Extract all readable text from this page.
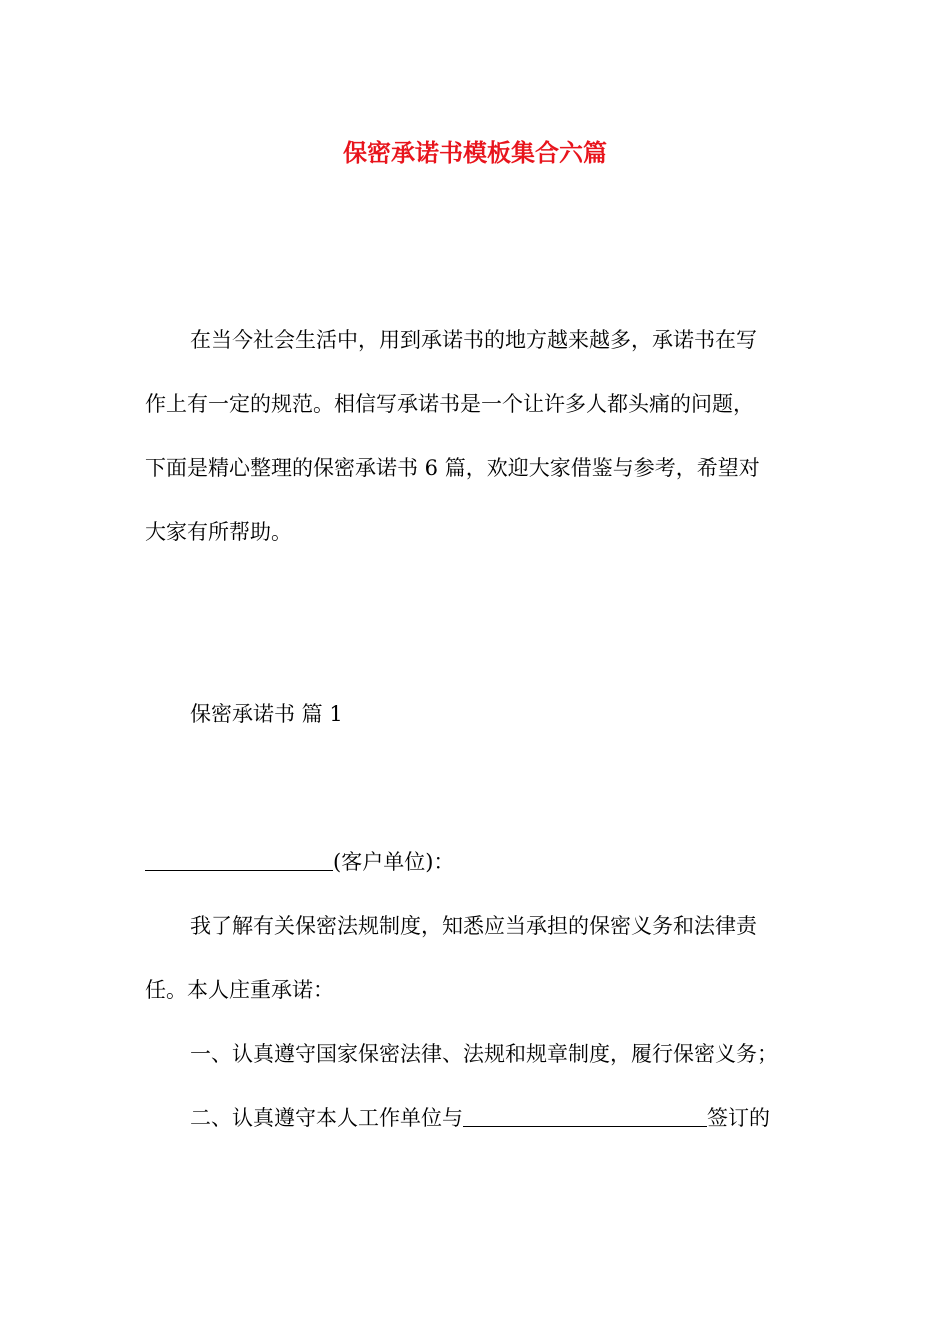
保密承诺书模板集合六篇
在当今社会生活中，用到承诺书的地方越来越多，承诺书在写
作上有一定的规范。相信写承诺书是一个让许多人都头痛的问题，
下面是精心整理的保密承诺书 6 篇，欢迎大家借鉴与参考，希望对
大家有所帮助。
保密承诺书 篇 1
(客户单位)：
我了解有关保密法规制度，知悉应当承担的保密义务和法律责
任。本人庄重承诺：
一、认真遵守国家保密法律、法规和规章制度，履行保密义务；
二、认真遵守本人工作单位与	签订的
